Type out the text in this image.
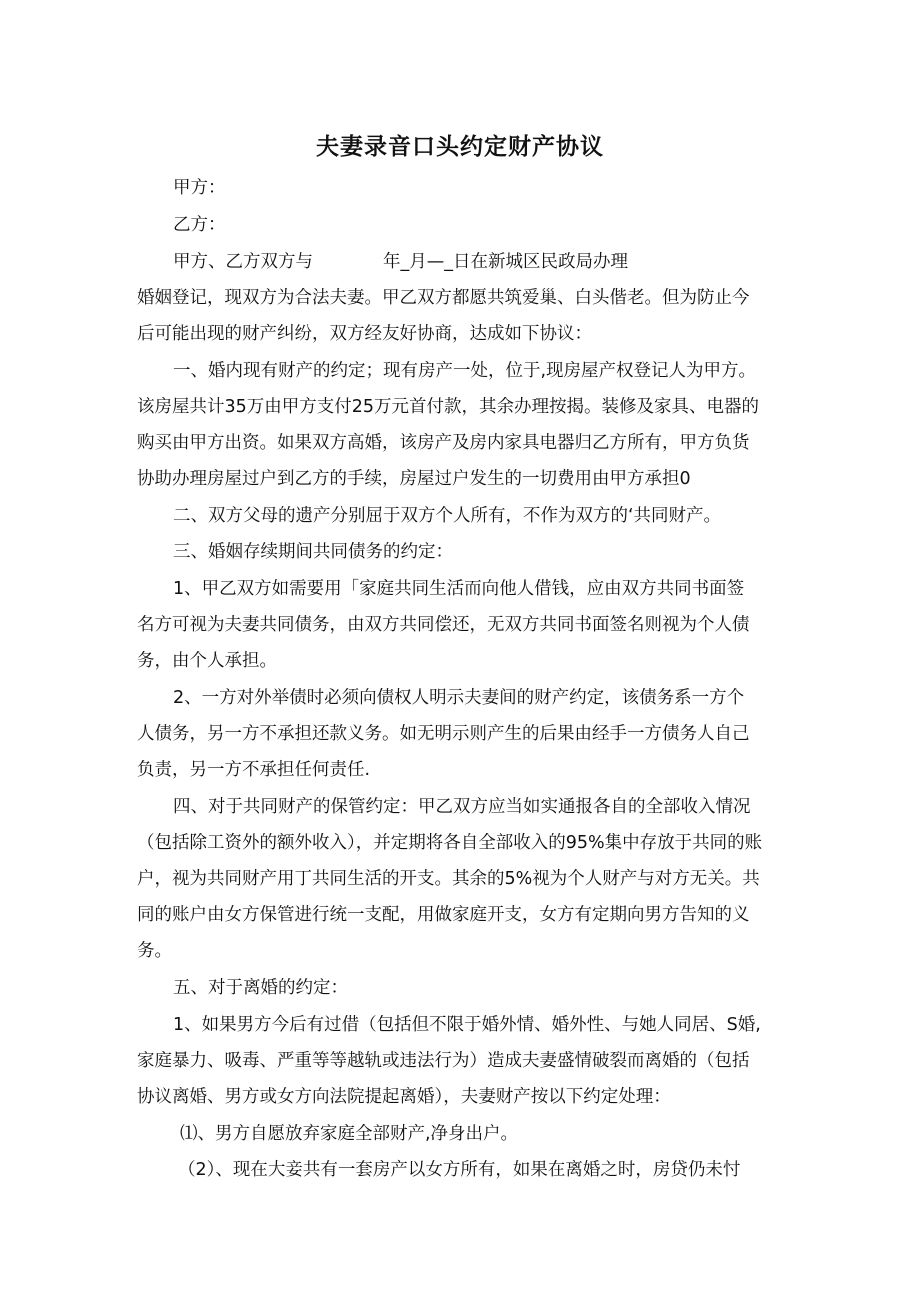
夫妻录音口头约定财产协议
甲方：
乙方：
甲方、乙方双方与　　　　年_月—_日在新城区民政局办理
婚姻登记，现双方为合法夫妻。甲乙双方都愿共筑爱巢、白头偕老。但为防止今
后可能出现的财产纠纷，双方经友好协商，达成如下协议：
一、婚内现有财产的约定；现有房产一处，位于,现房屋产权登记人为甲方。
该房屋共计35万由甲方支付25万元首付款，其余办理按揭。装修及家具、电器的
购买由甲方出资。如果双方高婚，该房产及房内家具电器归乙方所有，甲方负货
协助办理房屋过户到乙方的手续，房屋过户发生的一切费用由甲方承担0
二、双方父母的遗产分别屈于双方个人所有，不作为双方的‘共同财产。
三、婚姻存续期间共同债务的约定：
1、甲乙双方如需要用「家庭共同生活而向他人借钱，应由双方共同书面签
名方可视为夫妻共同债务，由双方共同偿还，无双方共同书面签名则视为个人债
务，由个人承担。
2、一方对外举债时必须向债权人明示夫妻间的财产约定，该债务系一方个
人债务，另一方不承担还款义务。如无明示则产生的后果由经手一方债务人自己
负责，另一方不承担任何责任.
四、对于共同财产的保管约定：甲乙双方应当如实通报各自的全部收入情况
（包括除工资外的额外收入），并定期将各自全部收入的95%集中存放于共同的账
户，视为共同财产用丁共同生活的开支。其余的5%视为个人财产与对方无关。共
同的账户由女方保管进行统一支配，用做家庭开支，女方有定期向男方告知的义
务。
五、对于离婚的约定：
1、如果男方今后有过借（包括但不限于婚外情、婚外性、与她人同居、S婚,
家庭暴力、吸毒、严重等等越轨或违法行为）造成夫妻盛情破裂而离婚的（包括
协议离婚、男方或女方向法院提起离婚），夫妻财产按以下约定处理：
⑴、男方自愿放弃家庭全部财产,净身出户。
（2）、现在大妾共有一套房产以女方所有，如果在离婚之时，房贷仍未忖
